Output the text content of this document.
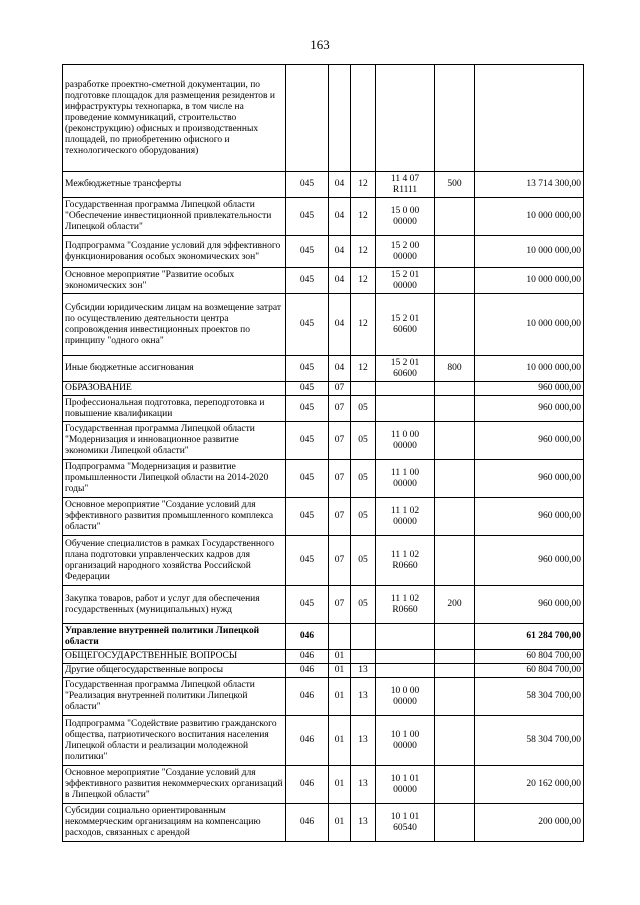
163
разработке проектно-сметной документации, по подготовке площадок для размещения резидентов и инфраструктуры технопарка, в том числе на проведение коммуникаций, строительство (реконструкцию) офисных и производственных площадей, по приобретению офисного и технологического оборудования)						
Межбюджетные трансферты	045	04	12	11 4 07 R1111	500	13 714 300,00
Государственная программа Липецкой области "Обеспечение инвестиционной привлекательности Липецкой области"	045	04	12	15 0 00 00000		10 000 000,00
Подпрограмма "Создание условий для эффективного функционирования особых экономических зон"	045	04	12	15 2 00 00000		10 000 000,00
Основное мероприятие "Развитие особых экономических зон"	045	04	12	15 2 01 00000		10 000 000,00
Субсидии юридическим лицам на возмещение затрат по осуществлению деятельности центра сопровождения инвестиционных проектов по принципу "одного окна"	045	04	12	15 2 01 60600		10 000 000,00
Иные бюджетные ассигнования	045	04	12	15 2 01 60600	800	10 000 000,00
ОБРАЗОВАНИЕ	045	07				960 000,00
Профессиональная подготовка, переподготовка и повышение квалификации	045	07	05			960 000,00
Государственная программа Липецкой области "Модернизация и инновационное развитие экономики Липецкой области"	045	07	05	11 0 00 00000		960 000,00
Подпрограмма "Модернизация и развитие промышленности Липецкой области на 2014-2020 годы"	045	07	05	11 1 00 00000		960 000,00
Основное мероприятие "Создание условий для эффективного развития промышленного комплекса области"	045	07	05	11 1 02 00000		960 000,00
Обучение специалистов в рамках Государственного плана подготовки управленческих кадров для организаций народного хозяйства Российской Федерации	045	07	05	11 1 02 R0660		960 000,00
Закупка товаров, работ и услуг для обеспечения государственных (муниципальных) нужд	045	07	05	11 1 02 R0660	200	960 000,00
Управление внутренней политики Липецкой области	046					61 284 700,00
ОБЩЕГОСУДАРСТВЕННЫЕ ВОПРОСЫ	046	01				60 804 700,00
Другие общегосударственные вопросы	046	01	13			60 804 700,00
Государственная программа Липецкой области "Реализация внутренней политики Липецкой области"	046	01	13	10 0 00 00000		58 304 700,00
Подпрограмма "Содействие развитию гражданского общества, патриотического воспитания населения Липецкой области и реализации молодежной политики"	046	01	13	10 1 00 00000		58 304 700,00
Основное мероприятие "Создание условий для эффективного развития некоммерческих организаций в Липецкой области"	046	01	13	10 1 01 00000		20 162 000,00
Субсидии социально ориентированным некоммерческим организациям на компенсацию расходов, связанных с арендой	046	01	13	10 1 01 60540		200 000,00
